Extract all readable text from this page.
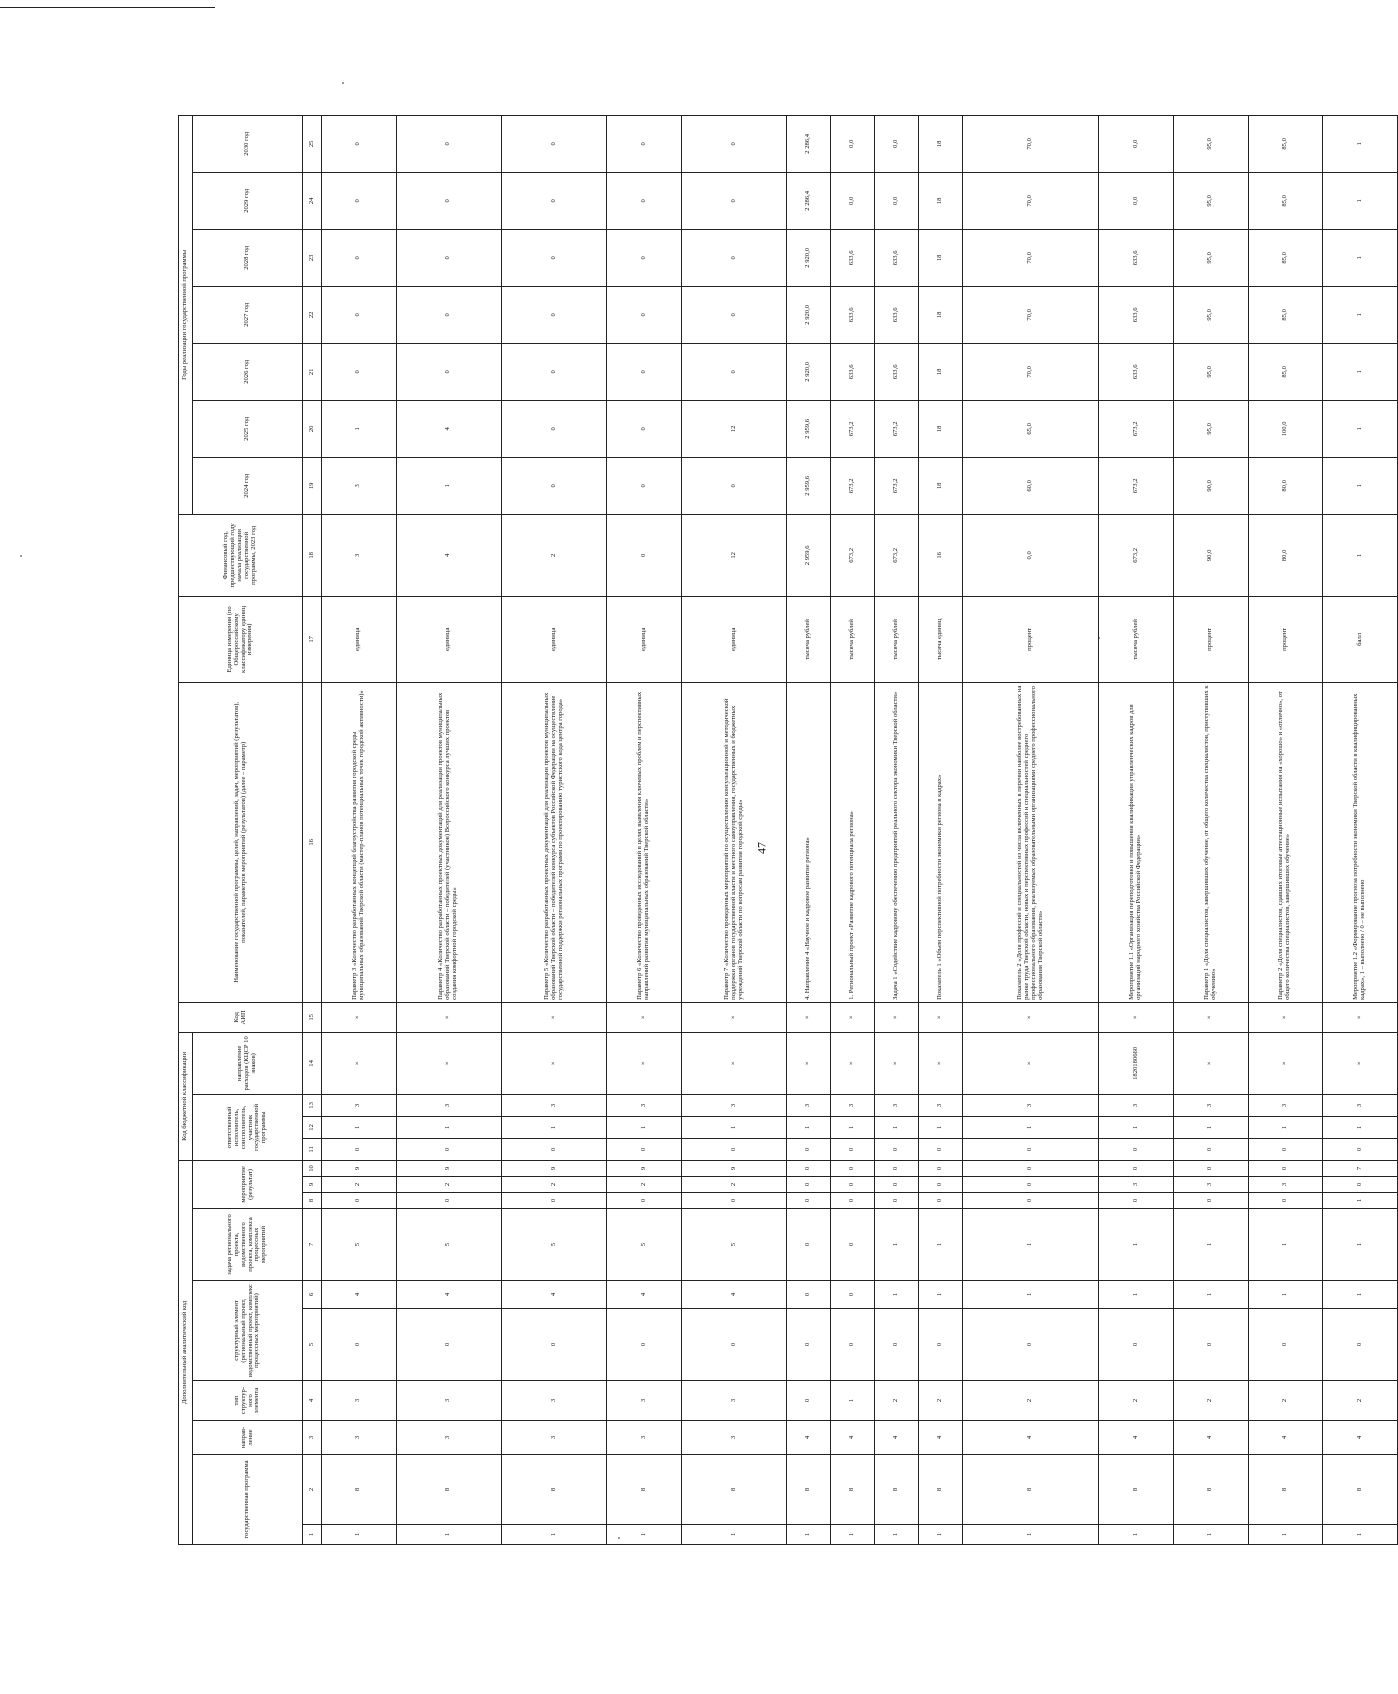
47
Дополнительный аналитический код										Код бюджетной классификации				Код АИП	Наименование государственной программы, целей, направлений, задач, мероприятий (результатов), показателей, параметров мероприятий (результатов) (далее – параметр)	Единица измерения (по Общероссийскому классификатору единиц измерения)	Финансовый год, предшествующий году начала реализации государственной программы, 2023 год	Годы реализации государственной программы						
государственная программа		направ-ление	тип структур-ного элемента	структурный элемент (региональный проект, ведомственный проект, комплекс процессных мероприятий)		задача регионального проекта, ведомственного проекта, комплекса процессных мероприятий	мероприятие (результат)			ответственный исполнитель, соисполнитель, участник государственной программы			направление расходов (КЦСР 10 знаков)					2024 год	2025 год	2026 год	2027 год	2028 год	2029 год	2030 год
1	2	3	4	5	6	7	8	9	10	11	12	13	14	15	16	17	18	19	20	21	22	23	24	25
1	8	3	3	0	4	5	0	2	9	0	1	3	×	×	Параметр 3 «Количество разработанных концепций благоустройства развития городской среды муниципальных образований Тверской области (мастер-планов потенциальных точек городской активности)»	единица	3	3	1	0	0	0	0	0
1	8	3	3	0	4	5	0	2	9	0	1	3	×	×	Параметр 4 «Количество разработанных проектных документаций для реализации проектов муниципальных образований Тверской области – победителей (участников) Всероссийского конкурса лучших проектов создания комфортной городской среды»	единица	4	1	4	0	0	0	0	0
1	8	3	3	0	4	5	0	2	9	0	1	3	×	×	Параметр 5 «Количество разработанных проектных документаций для реализации проектов муниципальных образований Тверской области – победителей конкурса субъектов Российской Федерации на осуществление государственной поддержки региональных программ по проектированию туристского кода центра города»	единица	2	0	0	0	0	0	0	0
1	8	3	3	0	4	5	0	2	9	0	1	3	×	×	Параметр 6 «Количество проведенных исследований в целях выявления ключевых проблем и перспективных направлений развития муниципальных образований Тверской области»	единица	0	0	0	0	0	0	0	0
1	8	3	3	0	4	5	0	2	9	0	1	3	×	×	Параметр 7 «Количество проведенных мероприятий по осуществлению консультационной и методической поддержки органов государственной власти и местного самоуправления, государственных и бюджетных учреждений Тверской области по вопросам развития городской среды»	единица	12	0	12	0	0	0	0	0
1	8	4	0	0	0	0	0	0	0	0	1	3	×	×	4. Направление 4 «Научное и кадровое развитие региона»	тысяча рублей	2 959,6	2 959,6	2 959,6	2 920,0	2 920,0	2 920,0	2 286,4	2 286,4
1	8	4	1	0	0	0	0	0	0	0	1	3	×	×	1. Региональный проект «Развитие кадрового потенциала региона»	тысяча рублей	673,2	673,2	673,2	633,6	633,6	633,6	0,0	0,0
1	8	4	2	0	1	1	0	0	0	0	1	3	×	×	Задача 1 «Содействие кадровому обеспечению предприятий реального сектора экономики Тверской области»	тысяча рублей	673,2	673,2	673,2	633,6	633,6	633,6	0,0	0,0
1	8	4	2	0	1	1	0	0	0	0	1	3	×	×	Показатель 1 «Объем перспективной потребности экономики региона в кадрах»	тысяча единиц	16	18	18	18	18	18	18	18
1	8	4	2	0	1	1	0	0	0	0	1	3	×	×	Показатель 2 «Доля профессий и специальностей из числа включенных в перечни наиболее востребованных на рынке труда Тверской области, новых и перспективных профессий и специальностей среднего профессионального образования, реализуемых образовательными организациями среднего профессионального образования Тверской области»	процент	0,0	60,0	65,0	70,0	70,0	70,0	70,0	70,0
1	8	4	2	0	1	1	0	3	0	0	1	3	1820180660	×	Мероприятие 1.1 «Организация переподготовки и повышения квалификации управленческих кадров для организаций народного хозяйства Российской Федерации»	тысяча рублей	673,2	673,2	673,2	633,6	633,6	633,6	0,0	0,0
1	8	4	2	0	1	1	0	3	0	0	1	3	×	×	Параметр 1 «Доля специалистов, завершивших обучение, от общего количества специалистов, приступивших к обучению»	процент	90,0	90,0	95,0	95,0	95,0	95,0	95,0	95,0
1	8	4	2	0	1	1	0	3	0	0	1	3	×	×	Параметр 2 «Доля специалистов, сдавших итоговые аттестационные испытания на «хорошо» и «отлично», от общего количества специалистов, завершивших обучение»	процент	80,0	80,0	100,0	85,0	85,0	85,0	85,0	85,0
1	8	4	2	0	1	1	1	0	7	0	1	3	×	×	Мероприятие 1.2 «Формирование прогноза потребности экономики Тверской области в квалифицированных кадрах», 1 – выполнено / 0 – не выполнено	балл	1	1	1	1	1	1	1	1
